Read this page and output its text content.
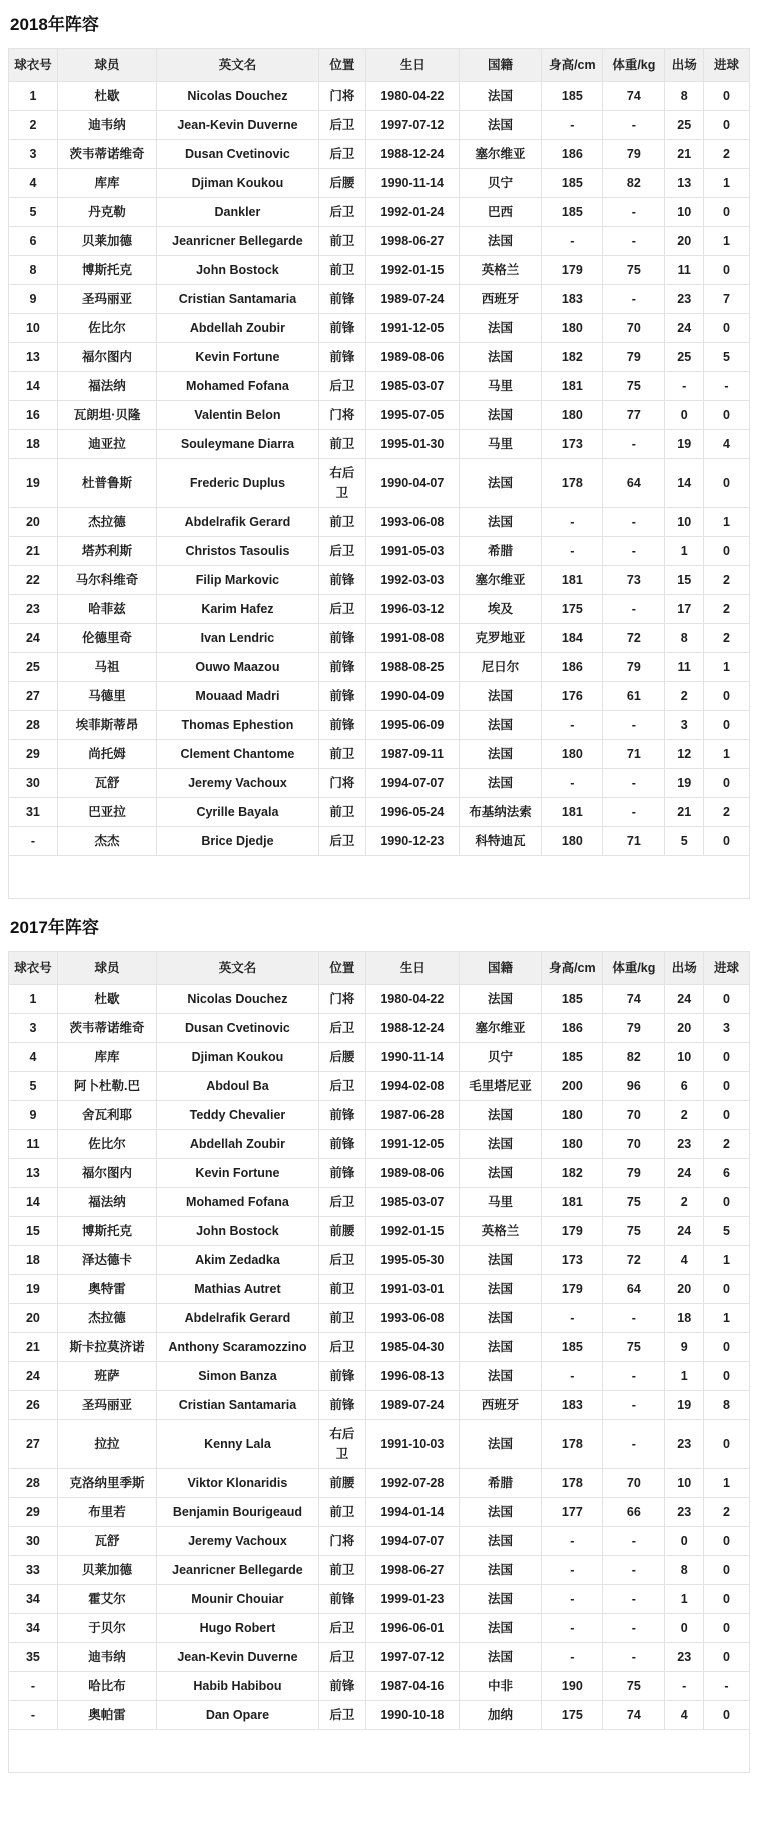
2018年阵容
球衣号	球员	英文名	位置	生日	国籍	身高/cm	体重/kg	出场	进球
1	杜歇	Nicolas Douchez	门将	1980-04-22	法国	185	74	8	0
2	迪韦纳	Jean-Kevin Duverne	后卫	1997-07-12	法国	-	-	25	0
3	茨韦蒂诺维奇	Dusan Cvetinovic	后卫	1988-12-24	塞尔维亚	186	79	21	2
4	库库	Djiman Koukou	后腰	1990-11-14	贝宁	185	82	13	1
5	丹克勒	Dankler	后卫	1992-01-24	巴西	185	-	10	0
6	贝莱加德	Jeanricner Bellegarde	前卫	1998-06-27	法国	-	-	20	1
8	博斯托克	John Bostock	前卫	1992-01-15	英格兰	179	75	11	0
9	圣玛丽亚	Cristian Santamaria	前锋	1989-07-24	西班牙	183	-	23	7
10	佐比尔	Abdellah Zoubir	前锋	1991-12-05	法国	180	70	24	0
13	福尔图内	Kevin Fortune	前锋	1989-08-06	法国	182	79	25	5
14	福法纳	Mohamed Fofana	后卫	1985-03-07	马里	181	75	-	-
16	瓦朗坦·贝隆	Valentin Belon	门将	1995-07-05	法国	180	77	0	0
18	迪亚拉	Souleymane Diarra	前卫	1995-01-30	马里	173	-	19	4
19	杜普鲁斯	Frederic Duplus	右后卫	1990-04-07	法国	178	64	14	0
20	杰拉德	Abdelrafik Gerard	前卫	1993-06-08	法国	-	-	10	1
21	塔苏利斯	Christos Tasoulis	后卫	1991-05-03	希腊	-	-	1	0
22	马尔科维奇	Filip Markovic	前锋	1992-03-03	塞尔维亚	181	73	15	2
23	哈菲兹	Karim Hafez	后卫	1996-03-12	埃及	175	-	17	2
24	伦德里奇	Ivan Lendric	前锋	1991-08-08	克罗地亚	184	72	8	2
25	马祖	Ouwo Maazou	前锋	1988-08-25	尼日尔	186	79	11	1
27	马德里	Mouaad Madri	前锋	1990-04-09	法国	176	61	2	0
28	埃菲斯蒂昂	Thomas Ephestion	前锋	1995-06-09	法国	-	-	3	0
29	尚托姆	Clement Chantome	前卫	1987-09-11	法国	180	71	12	1
30	瓦舒	Jeremy Vachoux	门将	1994-07-07	法国	-	-	19	0
31	巴亚拉	Cyrille Bayala	前卫	1996-05-24	布基纳法索	181	-	21	2
-	杰杰	Brice Djedje	后卫	1990-12-23	科特迪瓦	180	71	5	0

2017年阵容
球衣号	球员	英文名	位置	生日	国籍	身高/cm	体重/kg	出场	进球
1	杜歇	Nicolas Douchez	门将	1980-04-22	法国	185	74	24	0
3	茨韦蒂诺维奇	Dusan Cvetinovic	后卫	1988-12-24	塞尔维亚	186	79	20	3
4	库库	Djiman Koukou	后腰	1990-11-14	贝宁	185	82	10	0
5	阿卜杜勒.巴	Abdoul Ba	后卫	1994-02-08	毛里塔尼亚	200	96	6	0
9	舍瓦利耶	Teddy Chevalier	前锋	1987-06-28	法国	180	70	2	0
11	佐比尔	Abdellah Zoubir	前锋	1991-12-05	法国	180	70	23	2
13	福尔图内	Kevin Fortune	前锋	1989-08-06	法国	182	79	24	6
14	福法纳	Mohamed Fofana	后卫	1985-03-07	马里	181	75	2	0
15	博斯托克	John Bostock	前腰	1992-01-15	英格兰	179	75	24	5
18	泽达德卡	Akim Zedadka	后卫	1995-05-30	法国	173	72	4	1
19	奥特雷	Mathias Autret	前卫	1991-03-01	法国	179	64	20	0
20	杰拉德	Abdelrafik Gerard	前卫	1993-06-08	法国	-	-	18	1
21	斯卡拉莫济诺	Anthony Scaramozzino	后卫	1985-04-30	法国	185	75	9	0
24	班萨	Simon Banza	前锋	1996-08-13	法国	-	-	1	0
26	圣玛丽亚	Cristian Santamaria	前锋	1989-07-24	西班牙	183	-	19	8
27	拉拉	Kenny Lala	右后卫	1991-10-03	法国	178	-	23	0
28	克洛纳里季斯	Viktor Klonaridis	前腰	1992-07-28	希腊	178	70	10	1
29	布里若	Benjamin Bourigeaud	前卫	1994-01-14	法国	177	66	23	2
30	瓦舒	Jeremy Vachoux	门将	1994-07-07	法国	-	-	0	0
33	贝莱加德	Jeanricner Bellegarde	前卫	1998-06-27	法国	-	-	8	0
34	霍艾尔	Mounir Chouiar	前锋	1999-01-23	法国	-	-	1	0
34	于贝尔	Hugo Robert	后卫	1996-06-01	法国	-	-	0	0
35	迪韦纳	Jean-Kevin Duverne	后卫	1997-07-12	法国	-	-	23	0
-	哈比布	Habib Habibou	前锋	1987-04-16	中非	190	75	-	-
-	奥帕雷	Dan Opare	后卫	1990-10-18	加纳	175	74	4	0
